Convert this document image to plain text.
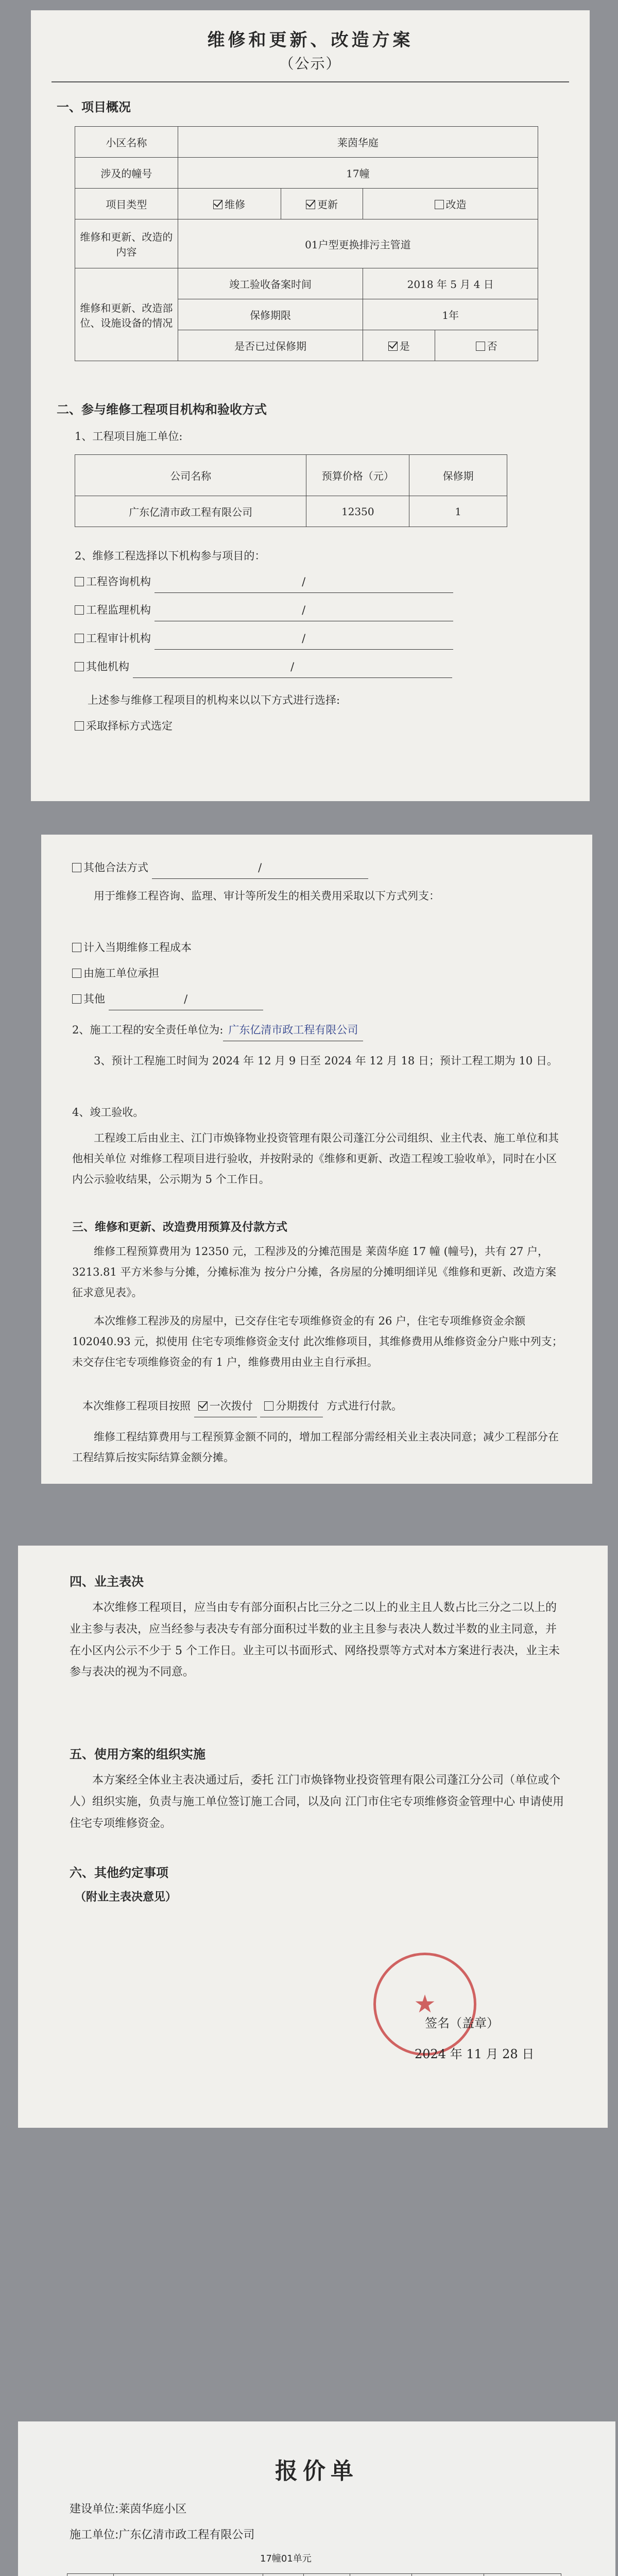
维修和更新、改造方案
（公示）
一、项目概况
小区名称	莱茵华庭			
涉及的幢号	17幢			
项目类型	维修	更新	改造	
维修和更新、改造的内容	01户型更换排污主管道			
维修和更新、改造部位、设施设备的情况	竣工验收备案时间		2018 年 5 月 4 日	
	保修期限		1年	
	是否已过保修期		是	否
二、参与维修工程项目机构和验收方式
1、工程项目施工单位:
公司名称	预算价格（元）	保修期
广东亿清市政工程有限公司	12350	1
2、维修工程选择以下机构参与项目的：
工程咨询机构	/
工程监理机构	/
工程审计机构	/
其他机构	/
上述参与维修工程项目的机构来以以下方式进行选择:
采取择标方式选定
其他合法方式	/
用于维修工程咨询、监理、审计等所发生的相关费用采取以下方式列支：
计入当期维修工程成本
由施工单位承担
其他	/
2、施工工程的安全责任单位为: 广东亿清市政工程有限公司
3、预计工程施工时间为 2024 年 12 月 9 日至 2024 年 12 月 18 日；预计工程工期为 10 日。
4、竣工验收。
工程竣工后由业主、江门市焕锋物业投资管理有限公司蓬江分公司组织、业主代表、施工单位和其他相关单位 对维修工程项目进行验收，并按附录的《维修和更新、改造工程竣工验收单》，同时在小区内公示验收结果，公示期为 5 个工作日。
三、维修和更新、改造费用预算及付款方式
维修工程预算费用为 12350 元，工程涉及的分摊范围是 莱茵华庭 17 幢 (幢号)，共有 27 户，3213.81 平方米参与分摊，分摊标准为 按分户分摊，各房屋的分摊明细详见《维修和更新、改造方案征求意见表》。
本次维修工程涉及的房屋中，已交存住宅专项维修资金的有 26 户，住宅专项维修资金余额 102040.93 元，拟使用 住宅专项维修资金支付 此次维修项目，其维修费用从维修资金分户账中列支；未交存住宅专项维修资金的有 1 户，维修费用由业主自行承担。
本次维修工程项目按照 一次拨付 分期拨付 方式进行付款。
维修工程结算费用与工程预算金额不同的，增加工程部分需经相关业主表决同意；减少工程部分在工程结算后按实际结算金额分摊。
四、业主表决
本次维修工程项目，应当由专有部分面积占比三分之二以上的业主且人数占比三分之二以上的业主参与表决，应当经参与表决专有部分面积过半数的业主且参与表决人数过半数的业主同意，并在小区内公示不少于 5 个工作日。业主可以书面形式、网络投票等方式对本方案进行表决，业主未参与表决的视为不同意。
五、使用方案的组织实施
本方案经全体业主表决通过后，委托 江门市焕锋物业投资管理有限公司蓬江分公司（单位或个人）组织实施，负责与施工单位签订施工合同，以及向 江门市住宅专项维修资金管理中心 申请使用住宅专项维修资金。
六、其他约定事项
（附业主表决意见）
★
签名（盖章）
2024 年 11 月 28 日
报价单
建设单位:莱茵华庭小区
施工单位:广东亿清市政工程有限公司
17幢01单元
